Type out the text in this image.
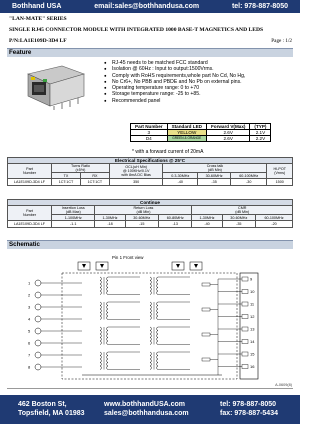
Bothhand USA	email:sales@bothhandusa.com	tel: 978-887-8050
"LAN-MATE" SERIES
SINGLE RJ45 CONNECTOR MODULE WITH INTEGRATED 1000 BASE-T MAGNETICS AND LEDS
P/N:LA1E109D-3D4 LF	Page : 1/2
Feature
● RJ-45 needs to be matched FCC standard
● Isolation @ 60Hz : Input to output:1500Vrms.
● Comply with RoHS requirements,whole part No Cd, No Hg,
● No Cr6+, No PBB and PBDE and No Pb on external pins.
● Operating temperature range: 0 to +70
● Storage temperature range: -25 to +85.
● Recommended panel
Part Number	Standard LED	Forward V(Max)	(TYP)
3	YELLOW	2.6V	2.1V
D4	GREEN & ORANGE	2.6V	2.2V
* with a forward current of 20mA
Electrical Specifications @ 25°C							
Part
Number	Turns Ratio
(±5%)		OCL(uH Min)
@ 100KHz/0.1V
with 8mA DC Bias	Cross talk
(dB Min)			HI-POT
(Vrms)
	TX	RX		0.3-30MHz	30-60MHz	60-100MHz	
LA1E109D-3D4 LF	1CT:1CT	1CT:1CT	350	-40	-35	-30	1500
Continue							
Part
Number	Insertion Loss
(dB Max)	Return Loss
(dB Min)			CMR
(dB Min)		
	1-100MHz	1-30MHz	30-60MHz	60-80MHz	1-30MHz	30-60MHz	60-100MHz
LA1E109D-3D4 LF	-1.1	-18	-15	-13	-40	-35	-20
Schematic
Pin 1 Front view
1
2
3
4
5
6
7
8
9
10
11
12
13
14
15
16
A-0609(8)
462 Boston St,
Topsfield, MA 01983
www.bothhandUSA.com
sales@bothhandusa.com
tel: 978-887-8050
fax: 978-887-5434
